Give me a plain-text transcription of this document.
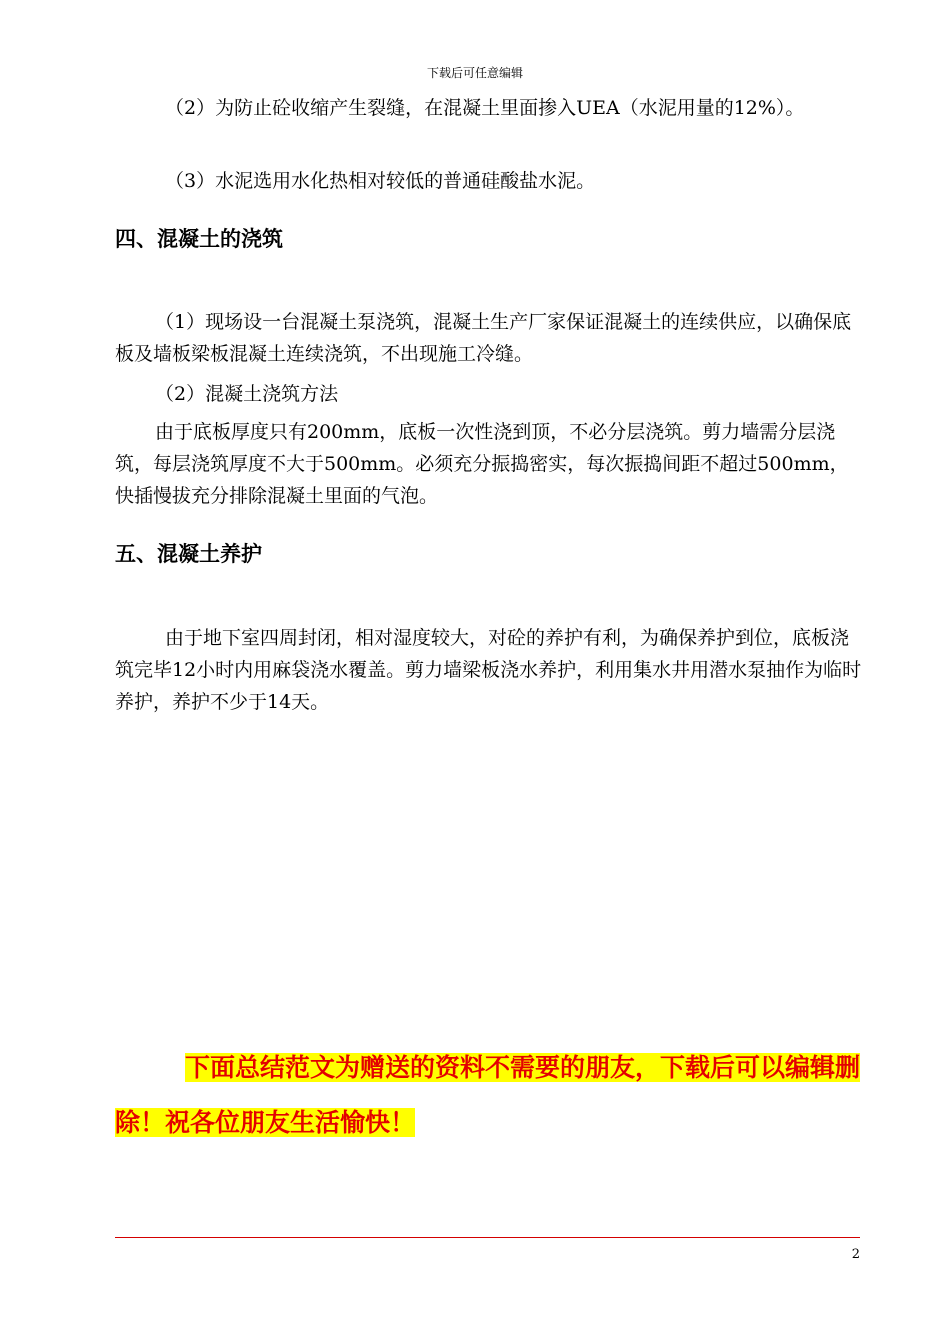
下载后可任意编辑

（2）为防止砼收缩产生裂缝，在混凝土里面掺入UEA（水泥用量的12%）。

（3）水泥选用水化热相对较低的普通硅酸盐水泥。

四、混凝土的浇筑

（1）现场设一台混凝土泵浇筑，混凝土生产厂家保证混凝土的连续供应，以确保底板及墙板梁板混凝土连续浇筑，不出现施工冷缝。

（2）混凝土浇筑方法

由于底板厚度只有200mm，底板一次性浇到顶，不必分层浇筑。剪力墙需分层浇筑，每层浇筑厚度不大于500mm。必须充分振捣密实，每次振捣间距不超过500mm，快插慢拔充分排除混凝土里面的气泡。

五、混凝土养护

由于地下室四周封闭，相对湿度较大，对砼的养护有利，为确保养护到位，底板浇筑完毕12小时内用麻袋浇水覆盖。剪力墙梁板浇水养护，利用集水井用潜水泵抽作为临时养护，养护不少于14天。

下面总结范文为赠送的资料不需要的朋友，下载后可以编辑删除！祝各位朋友生活愉快！

2
